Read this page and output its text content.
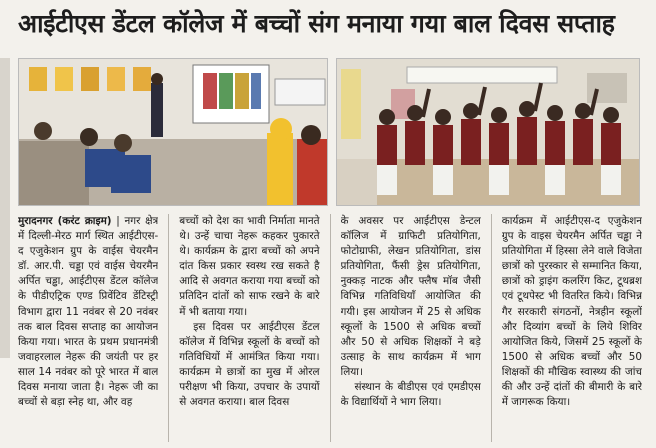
आईटीएस डेंटल कॉलेज में बच्चों संग मनाया गया बाल दिवस सप्ताह

मुरादनगर (करंट क्राइम) | नगर क्षेत्र में दिल्ली-मेरठ मार्ग स्थित आईटीएस-द एजुकेशन ग्रुप के वाईस चेयरमैन डॉ. आर.पी. चड्डा एवं वाईस चेयरमैन अर्पित चड्ढा, आईटीएस डेंटल कॉलेज के पीडीएट्रिक एण्ड प्रिवेंटिव डेंटिस्ट्री विभाग द्वारा 11 नवंबर से 20 नवंबर तक बाल दिवस सप्ताह का आयोजन किया गया। भारत के प्रथम प्रधानमंत्री जवाहरलाल नेहरू की जयंती पर हर साल 14 नवंबर को पूरे भारत में बाल दिवस मनाया जाता है। नेहरू जी का बच्चों से बड़ा स्नेह था, और वह

बच्चों को देश का भावी निर्माता मानते थे। उन्हें चाचा नेहरू कहकर पुकारते थे। कार्यक्रम के द्वारा बच्चों को अपने दांत किस प्रकार स्वस्थ रख सकते है आदि से अवगत कराया गया बच्चों को प्रतिदिन दांतों को साफ रखने के बारे में भी बताया गया।

इस दिवस पर आईटीएस डेंटल कॉलेज में विभिन्न स्कूलों के बच्चों को गतिविधियों में आमंत्रित किया गया। कार्यक्रम मे छात्रों का मुख में ओरल परीक्षण भी किया, उपचार के उपायों से अवगत कराया। बाल दिवस

के अवसर पर आईटीएस डेन्टल कॉलिज में ग्राफिटी प्रतियोगिता, फोटोग्राफी, लेखन प्रतियोगिता, डांस प्रतियोगिता, फैंसी ड्रेस प्रतियोगिता, नुक्कड़ नाटक और फ्लैष मॉब जैसी विभिन्न गतिविधियाँ आयोजित की गयी। इस आयोजन में 25 से अधिक स्कूलों के 1500 से अधिक बच्चों और 50 से अधिक शिक्षकों ने बड़े उत्साह के साथ कार्यक्रम में भाग लिया।

संस्थान के बीडीएस एवं एमडीएस के विद्यार्थियों ने भाग लिया।

कार्यक्रम में आईटीएस-द एजुकेशन ग्रुप के वाइस चेयरमैन अर्पित चड्ढा ने प्रतियोगिता में हिस्सा लेने वाले विजेता छात्रों को पुरस्कार से सम्मानित किया, छात्रों को ड्राइंग कलरिंग किट, टूथब्रश एवं टूथपेस्ट भी वितरित किये। विभिन्न गैर सरकारी संगठनों, नेत्रहीन स्कूलों और दिव्यांग बच्चों के लिये शिविर आयोजित किये, जिसमें 25 स्कूलों के 1500 से अधिक बच्चों और 50 शिक्षकों की मौखिक स्वास्थ्य की जांच की और उन्हें दांतों की बीमारी के बारे में जागरूक किया।
